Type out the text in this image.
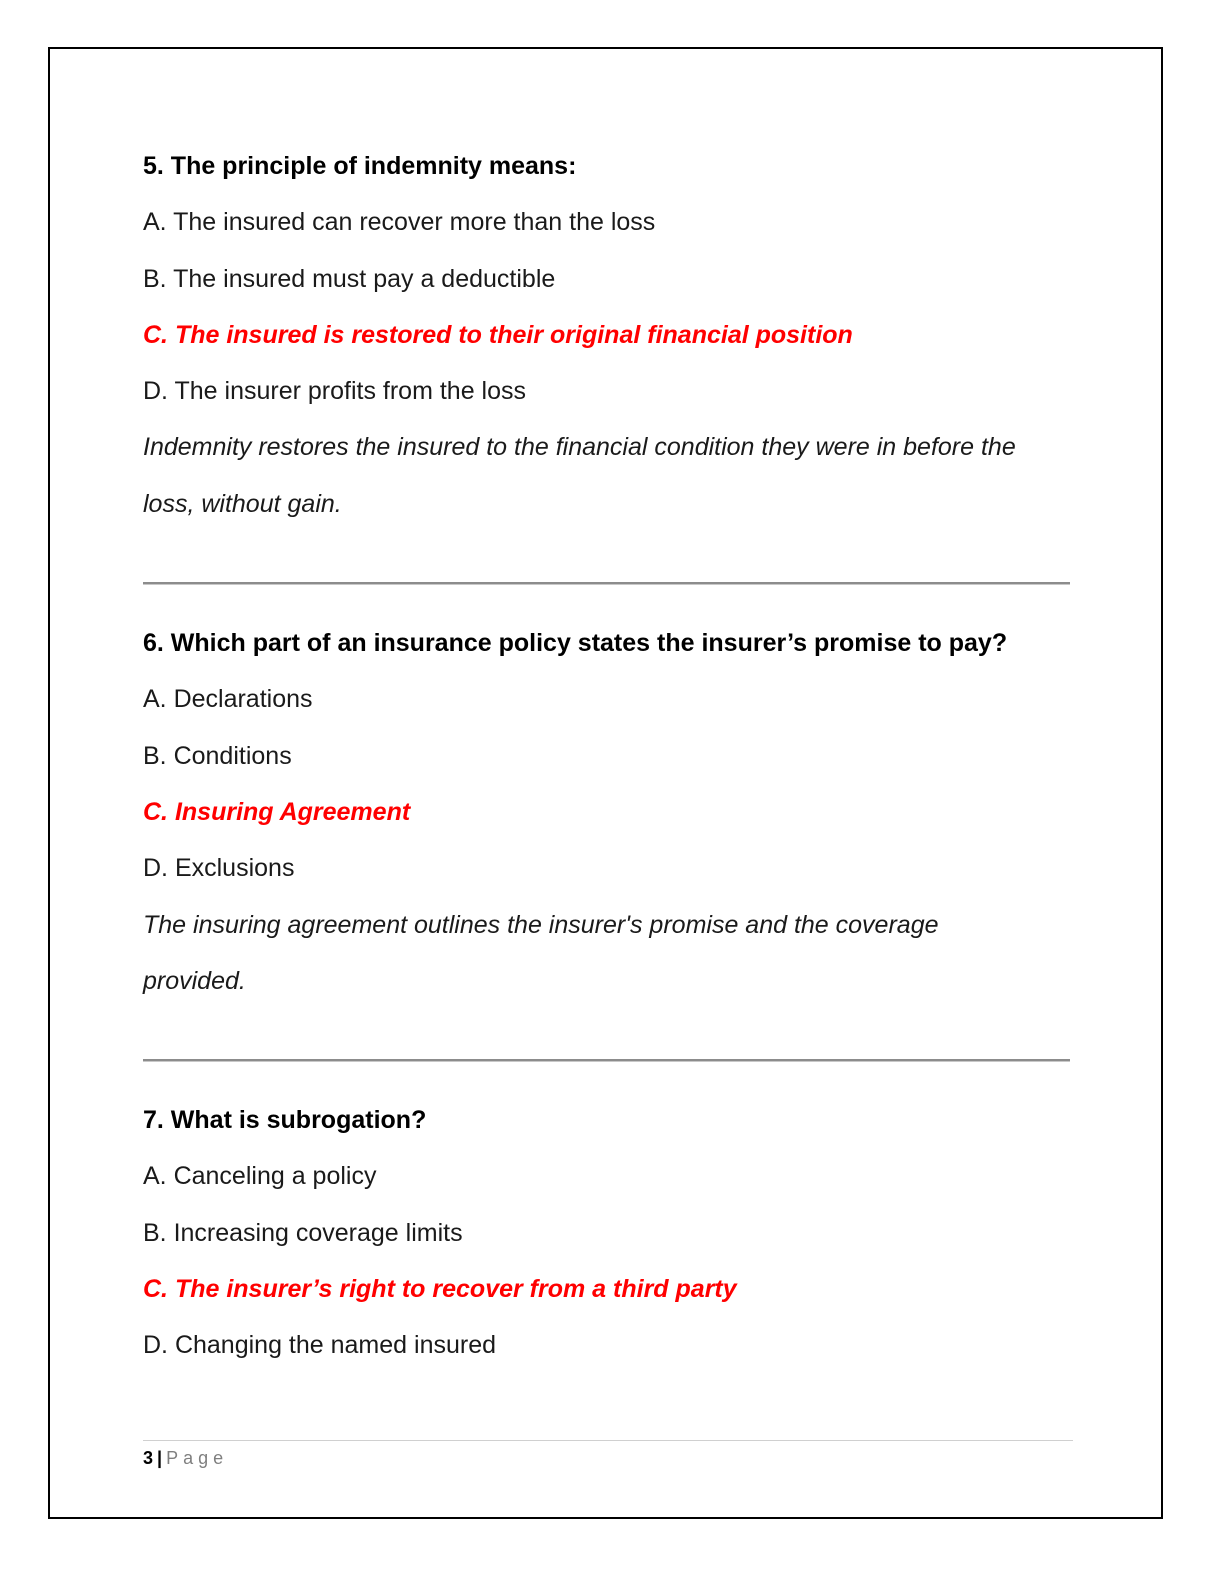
5. The principle of indemnity means:
A. The insured can recover more than the loss
B. The insured must pay a deductible
C. The insured is restored to their original financial position
D. The insurer profits from the loss
Indemnity restores the insured to the financial condition they were in before the loss, without gain.
6. Which part of an insurance policy states the insurer’s promise to pay?
A. Declarations
B. Conditions
C. Insuring Agreement
D. Exclusions
The insuring agreement outlines the insurer's promise and the coverage provided.
7. What is subrogation?
A. Canceling a policy
B. Increasing coverage limits
C. The insurer’s right to recover from a third party
D. Changing the named insured
3 | Page
